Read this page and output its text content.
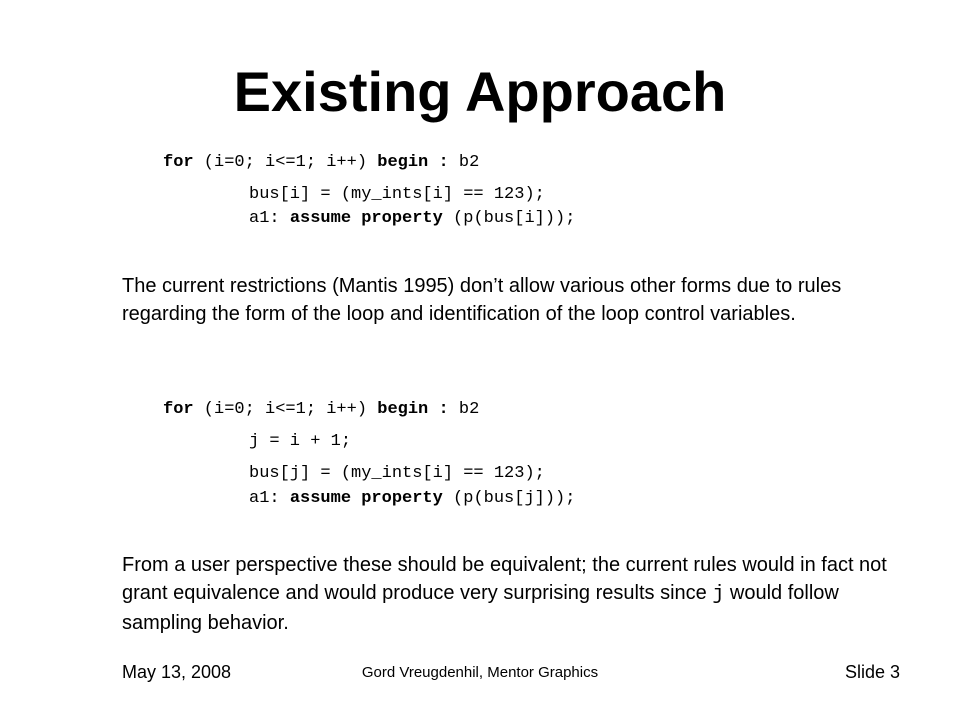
Existing Approach
for (i=0; i<=1; i++) begin : b2
bus[i] = (my_ints[i] == 123);
a1: assume property (p(bus[i]));

The current restrictions (Mantis 1995) don’t allow various other forms due to rules regarding the form of the loop and identification of the loop control variables.

for (i=0; i<=1; i++) begin : b2
j = i + 1;
bus[j] = (my_ints[i] == 123);
a1: assume property (p(bus[j]));

From a user perspective these should be equivalent; the current rules would in fact not grant equivalence and would produce very surprising results since j would follow sampling behavior.

May 13, 2008	Gord Vreugdenhil, Mentor Graphics	Slide 3
